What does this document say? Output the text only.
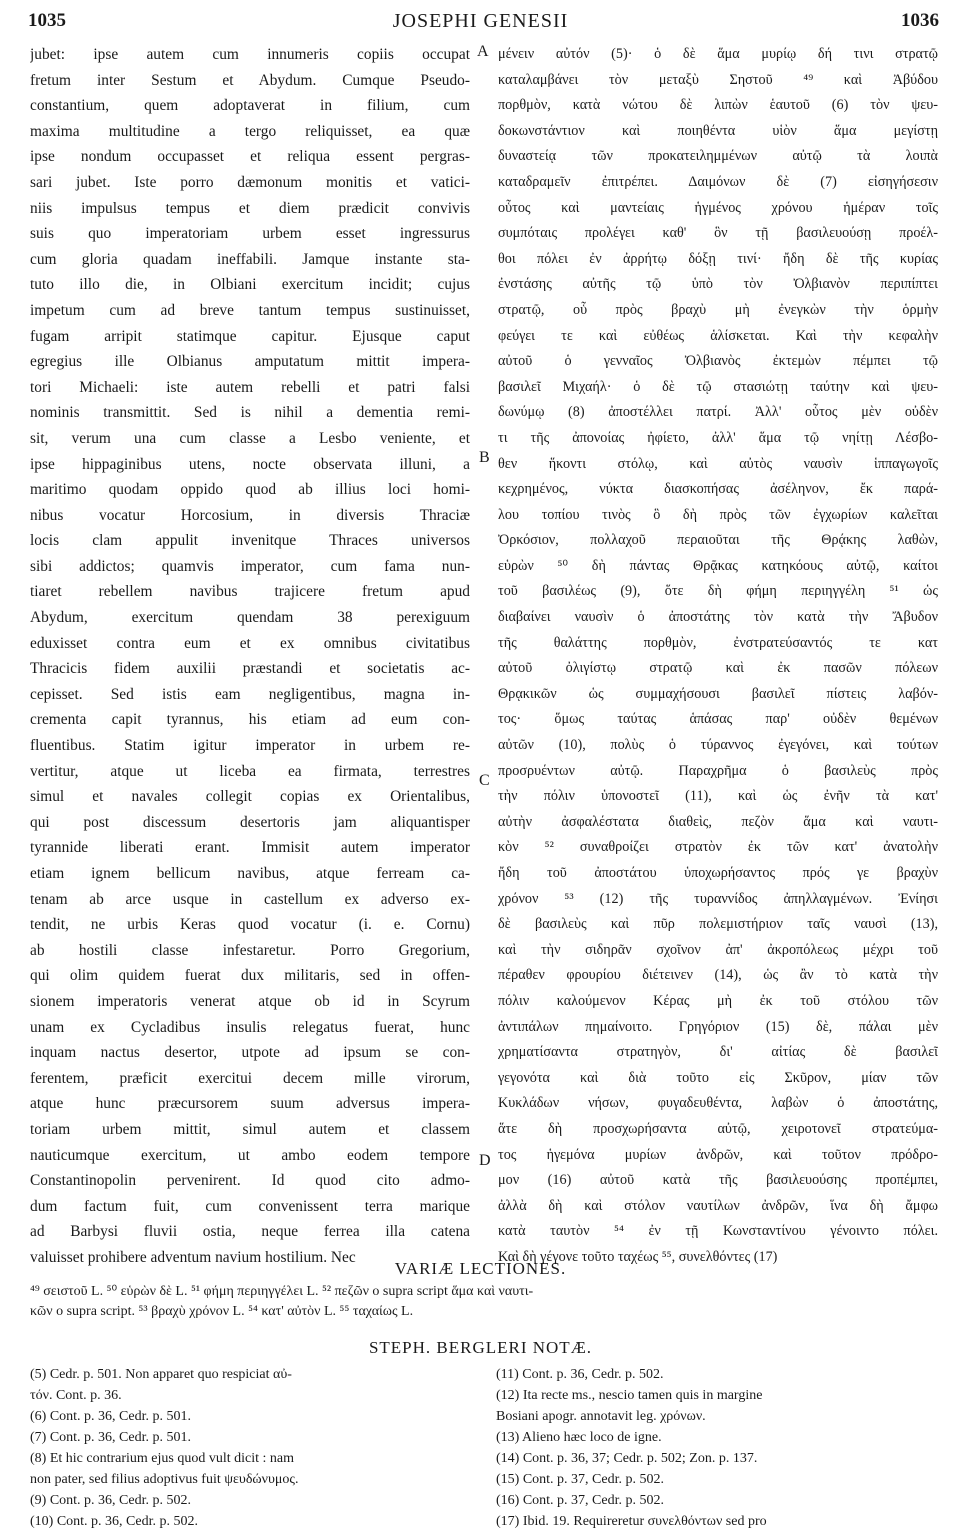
1035	JOSEPHI GENESII	1036
jubet: ipse autem cum innumeris copiis occupat
fretum inter Sestum et Abydum. Cumque Pseudo-
constantium, quem adoptaverat in filium, cum
maxima multitudine a tergo reliquisset, ea quæ
ipse nondum occupasset et reliqua essent pergras-
sari jubet. Iste porro dæmonum monitis et vatici-
niis impulsus tempus et diem prædicit convivis
suis quo imperatoriam urbem esset ingressurus
cum gloria quadam ineffabili. Jamque instante sta-
tuto illo die, in Olbiani exercitum incidit; cujus
impetum cum ad breve tantum tempus sustinuisset,
fugam arripit statimque capitur. Ejusque caput
egregius ille Olbianus amputatum mittit impera-
tori Michaeli: iste autem rebelli et patri falsi
nominis transmittit. Sed is nihil a dementia remi-
sit, verum una cum classe a Lesbo veniente, et
ipse hippaginibus utens, nocte observata illuni, a
maritimo quodam oppido quod ab illius loci homi-
nibus vocatur Horcosium, in diversis Thraciæ
locis clam appulit invenitque Thraces universos
sibi addictos; quamvis imperator, cum fama nun-
tiaret rebellem navibus trajicere fretum apud
Abydum, exercitum quendam 38 perexiguum
eduxisset contra eum et ex omnibus civitatibus
Thracicis fidem auxilii præstandi et societatis ac-
cepisset. Sed istis eam negligentibus, magna in-
crementa capit tyrannus, his etiam ad eum con-
fluentibus. Statim igitur imperator in urbem re-
vertitur, atque ut liceba ea firmata, terrestres
simul et navales collegit copias ex Orientalibus,
qui post discessum desertoris jam aliquantisper
tyrannide liberati erant. Immisit autem imperator
etiam ignem bellicum navibus, atque ferream ca-
tenam ab arce usque in castellum ex adverso ex-
tendit, ne urbis Keras quod vocatur (i. e. Cornu)
ab hostili classe infestaretur. Porro Gregorium,
qui olim quidem fuerat dux militaris, sed in offen-
sionem imperatoris venerat atque ob id in Scyrum
unam ex Cycladibus insulis relegatus fuerat, hunc
inquam nactus desertor, utpote ad ipsum se con-
ferentem, præficit exercitui decem mille virorum,
atque hunc præcursorem suum adversus impera-
toriam urbem mittit, simul autem et classem
nauticumque exercitum, ut ambo eodem tempore
Constantinopolin pervenirent. Id quod cito admo-
dum factum fuit, cum convenissent terra marique
ad Barbysi fluvii ostia, neque ferrea illa catena
valuisset prohibere adventum navium hostilium. Nec
A
B
C
D
μένειν αὐτόν (5)· ὁ δὲ ἅμα μυρίῳ δή τινι στρατῷ
καταλαμβάνει τὸν μεταξὺ Σηστοῦ ⁴⁹ καὶ Ἀβύδου
πορθμὸν, κατὰ νώτου δὲ λιπὼν ἑαυτοῦ (6) τὸν ψευ-
δοκωνστάντιον καὶ ποιηθέντα υἱὸν ἅμα μεγίστῃ
δυναστείᾳ τῶν προκατειλημμένων αὐτῷ τὰ λοιπὰ
καταδραμεῖν ἐπιτρέπει. Δαιμόνων δὲ (7) εἰσηγήσεσιν
οὗτος καὶ μαντείαις ἡγμένος χρόνου ἡμέραν τοῖς
συμπόταις προλέγει καθ' ὃν τῇ βασιλευούσῃ προέλ-
θοι πόλει ἐν ἀρρήτῳ δόξῃ τινί· ἤδη δὲ τῆς κυρίας
ἐνστάσης αὐτῆς τῷ ὑπὸ τὸν Ὀλβιανὸν περιπίπτει
στρατῷ, οὗ πρὸς βραχὺ μὴ ἐνεγκὼν τὴν ὁρμὴν
φεύγει τε καὶ εὐθέως ἁλίσκεται. Καὶ τὴν κεφαλὴν
αὐτοῦ ὁ γενναῖος Ὀλβιανὸς ἐκτεμὼν πέμπει τῷ
βασιλεῖ Μιχαήλ· ὁ δὲ τῷ στασιώτῃ ταύτην καὶ ψευ-
δωνύμῳ (8) ἀποστέλλει πατρί. Ἀλλ' οὗτος μὲν οὐδὲν
τι τῆς ἀπονοίας ἠφίετο, ἀλλ' ἅμα τῷ νηίτῃ Λέσβο-
θεν ἥκοντι στόλῳ, καὶ αὐτὸς ναυσὶν ἱππαγωγοῖς
κεχρημένος, νύκτα διασκοπήσας ἀσέληνον, ἔκ παρά-
λου τοπίου τινὸς ὃ δὴ πρὸς τῶν ἐγχωρίων καλεῖται
Ὀρκόσιον, πολλαχοῦ περαιοῦται τῆς Θρᾴκης λαθὼν,
εὑρὼν ⁵⁰ δὴ πάντας Θρᾷκας κατηκόους αὐτῷ, καίτοι
τοῦ βασιλέως (9), ὅτε δὴ φήμη περιηγγέλη ⁵¹ ὡς
διαβαίνει ναυσὶν ὁ ἀποστάτης τὸν κατὰ τὴν Ἄβυδον
τῆς θαλάττης πορθμὸν, ἐνστρατεύσαντός τε κατ
αὐτοῦ ὀλιγίστῳ στρατῷ καὶ ἐκ πασῶν πόλεων
Θρᾳκικῶν ὡς συμμαχήσουσι βασιλεῖ πίστεις λαβόν-
τος· ὅμως ταύτας ἁπάσας παρ' οὐδὲν θεμένων
αὐτῶν (10), πολὺς ὁ τύραννος ἐγεγόνει, καὶ τούτων
προσρυέντων αὐτῷ. Παραχρῆμα ὁ βασιλεὺς πρὸς
τὴν πόλιν ὑπονοστεῖ (11), καὶ ὡς ἐνῆν τὰ κατ'
αὐτὴν ἀσφαλέστατα διαθεὶς, πεζὸν ἅμα καὶ ναυτι-
κὸν ⁵² συναθροίζει στρατὸν ἐκ τῶν κατ' ἀνατολὴν
ἤδη τοῦ ἀποστάτου ὑποχωρήσαντος πρός γε βραχὺν
χρόνον ⁵³ (12) τῆς τυραννίδος ἀπηλλαγμένων. Ἐνίησι
δὲ βασιλεὺς καὶ πῦρ πολεμιστήριον ταῖς ναυσὶ (13),
καὶ τὴν σιδηρᾶν σχοῖνον ἀπ' ἀκροπόλεως μέχρι τοῦ
πέραθεν φρουρίου διέτεινεν (14), ὡς ἂν τὸ κατὰ τὴν
πόλιν καλούμενον Κέρας μὴ ἐκ τοῦ στόλου τῶν
ἀντιπάλων πημαίνοιτο. Γρηγόριον (15) δὲ, πάλαι μὲν
χρηματίσαντα στρατηγὸν, δι' αἰτίας δὲ βασιλεῖ
γεγονότα καὶ διὰ τοῦτο εἰς Σκῦρον, μίαν τῶν
Κυκλάδων νήσων, φυγαδευθέντα, λαβὼν ὁ ἀποστάτης,
ἅτε δὴ προσχωρήσαντα αὐτῷ, χειροτονεῖ στρατεύμα-
τος ἡγεμόνα μυρίων ἀνδρῶν, καὶ τοῦτον πρόδρο-
μον (16) αὐτοῦ κατὰ τῆς βασιλευούσης προπέμπει,
ἀλλὰ δὴ καὶ στόλον ναυτίλων ἀνδρῶν, ἵνα δὴ ἄμφω
κατὰ ταυτὸν ⁵⁴ ἐν τῇ Κωνσταντίνου γένοιντο πόλει.
Καὶ δὴ γέγονε τοῦτο ταχέως ⁵⁵, συνελθόντες (17)
VARIÆ LECTIONES.
⁴⁹ σειστοῦ L. ⁵⁰ εὑρὼν δὲ L. ⁵¹ φήμη περιηγγέλει L. ⁵² πεζῶν o supra script ἅμα καὶ ναυτι-
κῶν o supra script. ⁵³ βραχὺ χρόνον L. ⁵⁴ κατ' αὐτὸν L. ⁵⁵ ταχαίως L.
STEPH. BERGLERI NOTÆ.
(5) Cedr. p. 501. Non apparet quo respiciat αὐ-
τόν. Cont. p. 36.
(6) Cont. p. 36, Cedr. p. 501.
(7) Cont. p. 36, Cedr. p. 501.
(8) Et hic contrarium ejus quod vult dicit : nam
non pater, sed filius adoptivus fuit ψευδώνυμος.
(9) Cont. p. 36, Cedr. p. 502.
(10) Cont. p. 36, Cedr. p. 502.
(11) Cont. p. 36, Cedr. p. 502.
(12) Ita recte ms., nescio tamen quis in margine
Bosiani apogr. annotavit leg. χρόνων.
(13) Alieno hæc loco de igne.
(14) Cont. p. 36, 37; Cedr. p. 502; Zon. p. 137.
(15) Cont. p. 37, Cedr. p. 502.
(16) Cont. p. 37, Cedr. p. 502.
(17) Ibid. 19. Requireretur συνελθόντων sed pro
